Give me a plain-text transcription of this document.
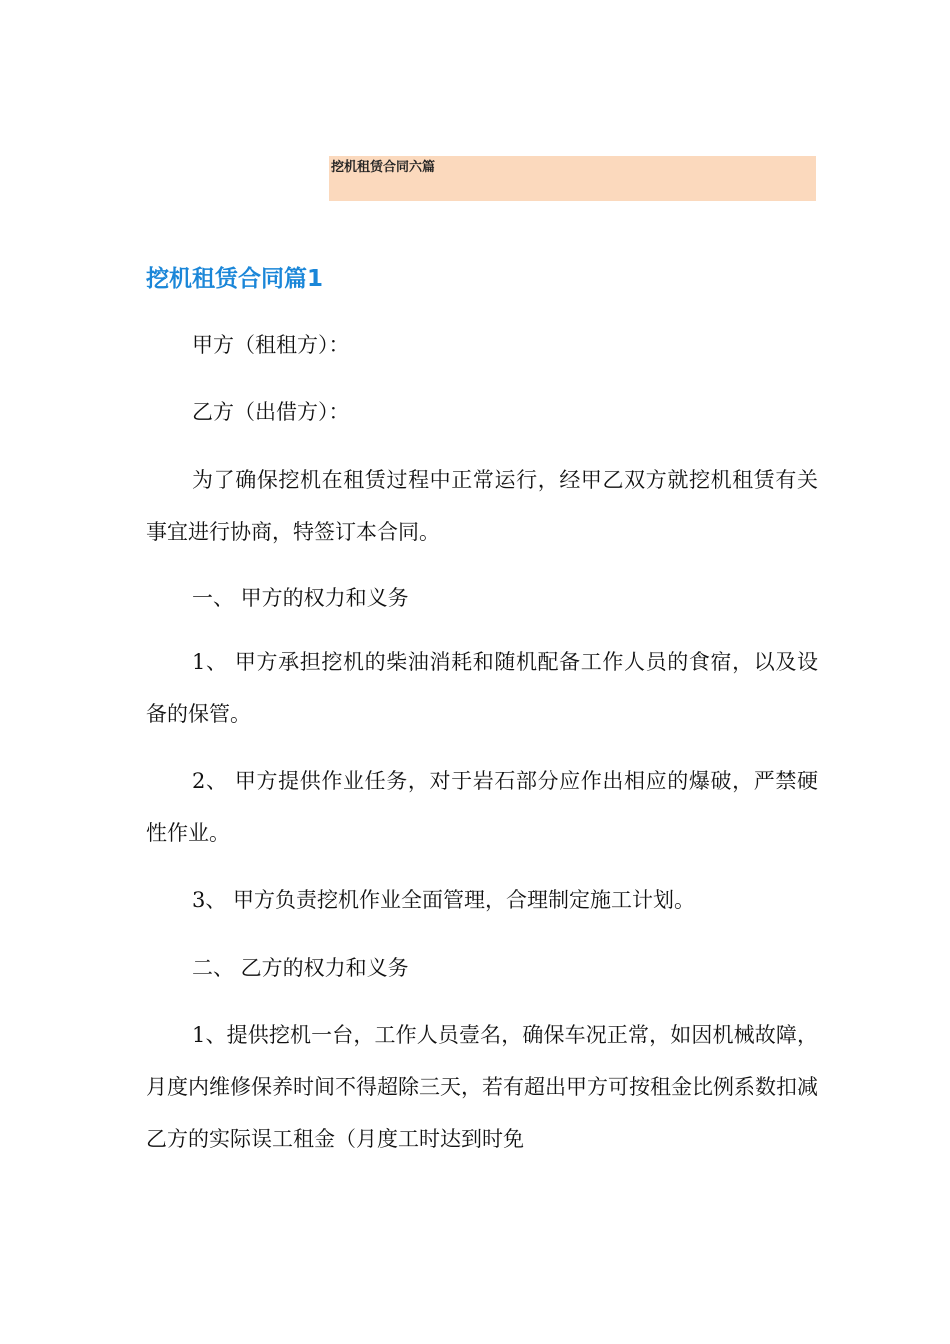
挖机租赁合同六篇
挖机租赁合同篇1

甲方（租租方）：

乙方（出借方）：

为了确保挖机在租赁过程中正常运行，经甲乙双方就挖机租赁有关事宜进行协商，特签订本合同。

一、 甲方的权力和义务

1、 甲方承担挖机的柴油消耗和随机配备工作人员的食宿，以及设备的保管。

2、 甲方提供作业任务，对于岩石部分应作出相应的爆破，严禁硬性作业。

3、 甲方负责挖机作业全面管理，合理制定施工计划。

二、 乙方的权力和义务

1、提供挖机一台，工作人员壹名，确保车况正常，如因机械故障，月度内维修保养时间不得超除三天，若有超出甲方可按租金比例系数扣减乙方的实际误工租金（月度工时达到时免
